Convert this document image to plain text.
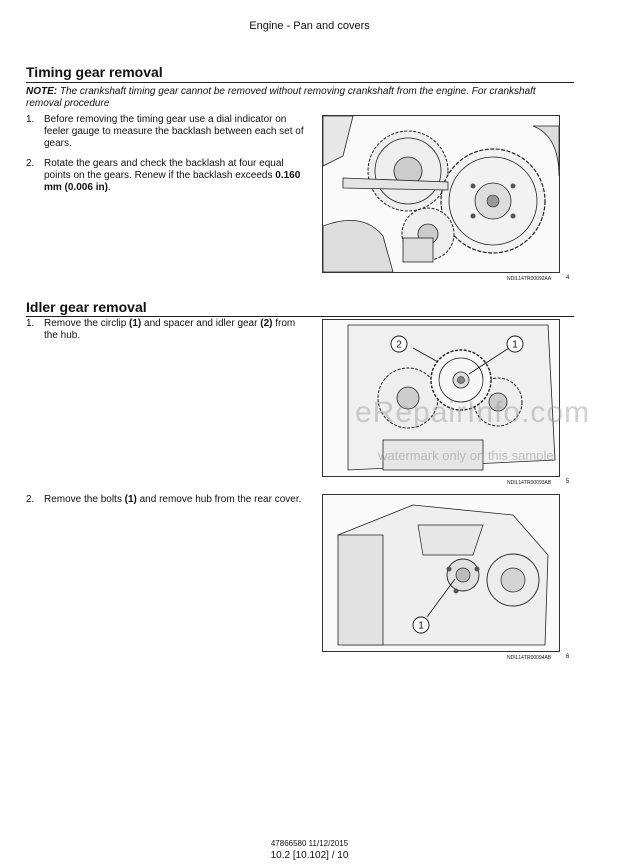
Engine - Pan and covers
Timing gear removal
NOTE: The crankshaft timing gear cannot be removed without removing crankshaft from the engine. For crankshaft removal procedure
1. Before removing the timing gear use a dial indicator on feeler gauge to measure the backlash between each set of gears.
2. Rotate the gears and check the backlash at four equal points on the gears. Renew if the backlash exceeds 0.160 mm (0.006 in).
NDIL14TR00092AA 4
Idler gear removal
1. Remove the circlip (1) and spacer and idler gear (2) from the hub.
2	1
NDIL14TR00093AB 5
2. Remove the bolts (1) and remove hub from the rear cover.
1
NDIL14TR00094AB 6
eRepairInfo.com
watermark only on this sample
47866580 11/12/2015
10.2 [10.102] / 10
